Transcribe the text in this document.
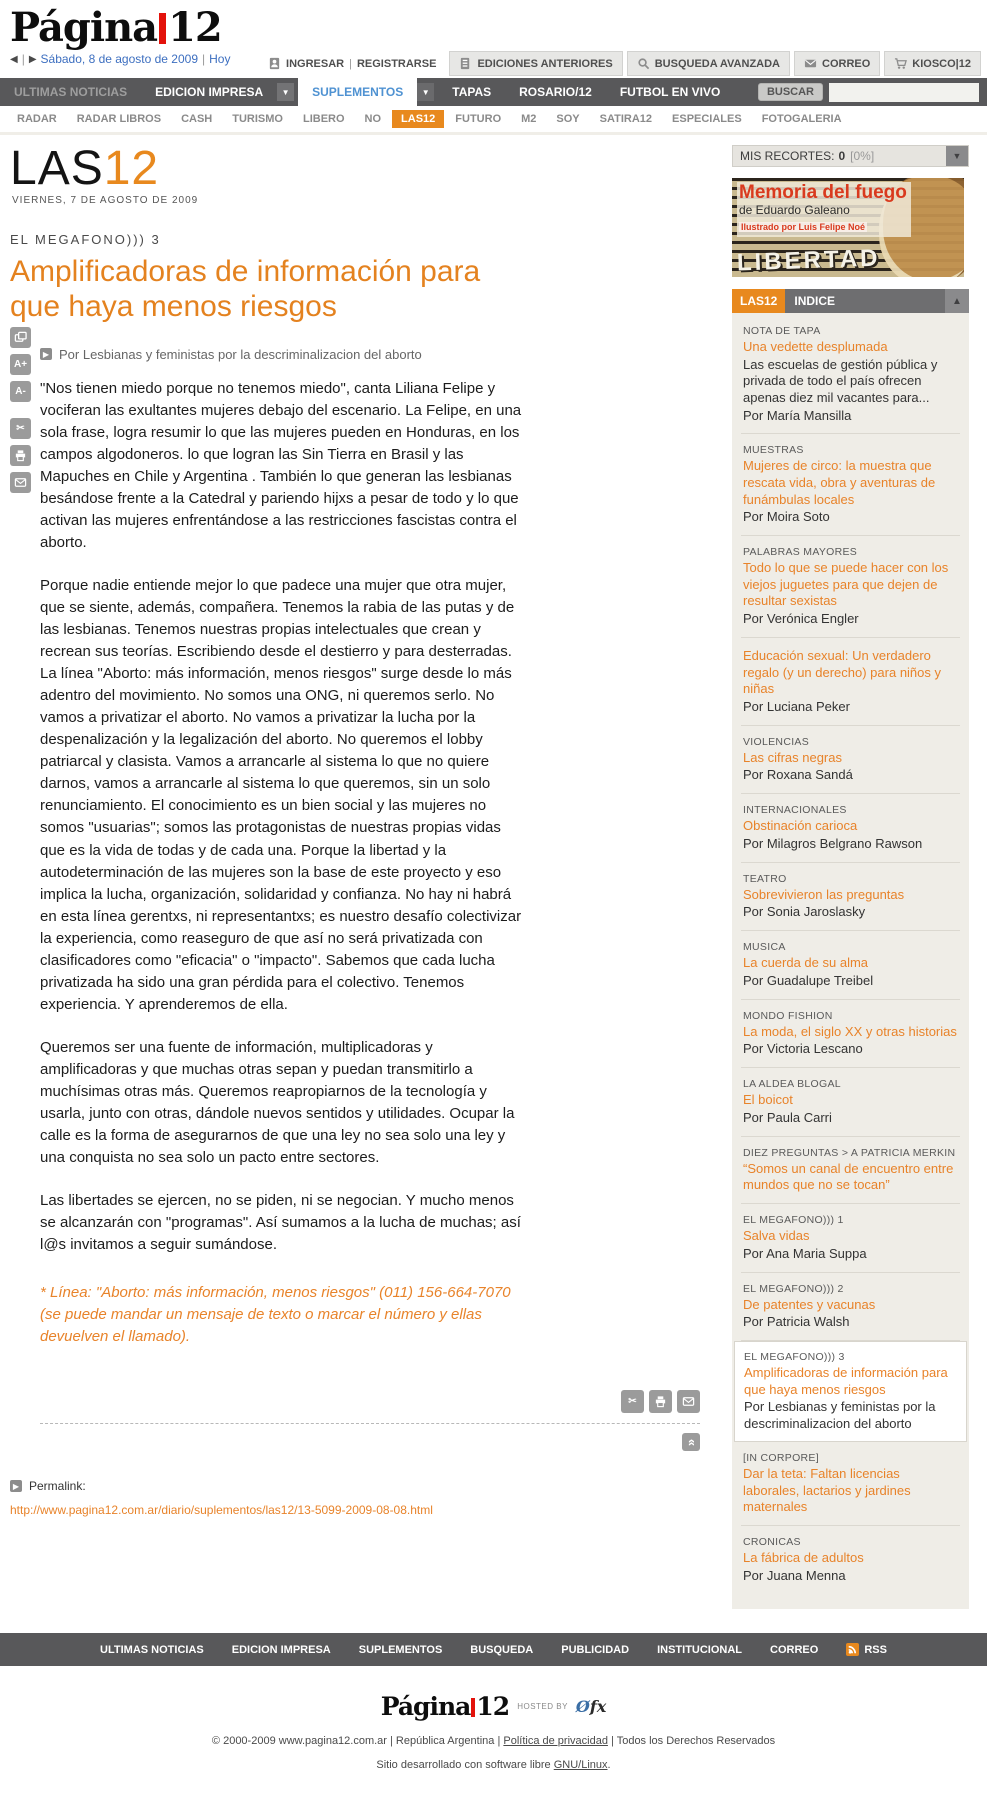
Página 12
◀ | ▶ Sábado, 8 de agosto de 2009 | Hoy	INGRESAR | REGISTRARSE	EDICIONES ANTERIORES	BUSQUEDA AVANZADA	CORREO	KIOSCO|12
ULTIMAS NOTICIAS	EDICION IMPRESA	▼	SUPLEMENTOS	▼	TAPAS	ROSARIO/12	FUTBOL EN VIVO	BUSCAR
RADAR	RADAR LIBROS	CASH	TURISMO	LIBERO	NO	LAS12	FUTURO	M2	SOY	SATIRA12	ESPECIALES	FOTOGALERIA
LAS12
VIERNES, 7 DE AGOSTO DE 2009
EL MEGAFONO))) 3
Amplificadoras de información para que haya menos riesgos
▶ Por Lesbianas y feministas por la descriminalizacion del aborto
A+
A-
✂

"Nos tienen miedo porque no tenemos miedo", canta Liliana Felipe y vociferan las exultantes mujeres debajo del escenario. La Felipe, en una sola frase, logra resumir lo que las mujeres pueden en Honduras, en los campos algodoneros. lo que logran las Sin Tierra en Brasil y las Mapuches en Chile y Argentina . También lo que generan las lesbianas besándose frente a la Catedral y pariendo hijxs a pesar de todo y lo que activan las mujeres enfrentándose a las restricciones fascistas contra el aborto.

Porque nadie entiende mejor lo que padece una mujer que otra mujer, que se siente, además, compañera. Tenemos la rabia de las putas y de las lesbianas. Tenemos nuestras propias intelectuales que crean y recrean sus teorías. Escribiendo desde el destierro y para desterradas. La línea "Aborto: más información, menos riesgos" surge desde lo más adentro del movimiento. No somos una ONG, ni queremos serlo. No vamos a privatizar el aborto. No vamos a privatizar la lucha por la despenalización y la legalización del aborto. No queremos el lobby patriarcal y clasista. Vamos a arrancarle al sistema lo que no quiere darnos, vamos a arrancarle al sistema lo que queremos, sin un solo renunciamiento. El conocimiento es un bien social y las mujeres no somos "usuarias"; somos las protagonistas de nuestras propias vidas que es la vida de todas y de cada una. Porque la libertad y la autodeterminación de las mujeres son la base de este proyecto y eso implica la lucha, organización, solidaridad y confianza. No hay ni habrá en esta línea gerentxs, ni representantxs; es nuestro desafío colectivizar la experiencia, como reaseguro de que así no será privatizada con clasificadores como "eficacia" o "impacto". Sabemos que cada lucha privatizada ha sido una gran pérdida para el colectivo. Tenemos experiencia. Y aprenderemos de ella.

Queremos ser una fuente de información, multiplicadoras y amplificadoras y que muchas otras sepan y puedan transmitirlo a muchísimas otras más. Queremos reapropiarnos de la tecnología y usarla, junto con otras, dándole nuevos sentidos y utilidades. Ocupar la calle es la forma de asegurarnos de que una ley no sea solo una ley y una conquista no sea solo un pacto entre sectores.

Las libertades se ejercen, no se piden, ni se negocian. Y mucho menos se alcanzarán con "programas". Así sumamos a la lucha de muchas; así l@s invitamos a seguir sumándose.

* Línea: "Aborto: más información, menos riesgos" (011) 156-664-7070 (se puede mandar un mensaje de texto o marcar el número y ellas devuelven el llamado).

✂
»
▶ Permalink:
http://www.pagina12.com.ar/diario/suplementos/las12/13-5099-2009-08-08.html
MIS RECORTES: 0 [0%]	▼
Memoria del fuego
de Eduardo Galeano
Ilustrado por Luis Felipe Noé
LIBERTAD
LAS12	INDICE	▲
NOTA DE TAPA
Una vedette desplumada
Las escuelas de gestión pública y privada de todo el país ofrecen apenas diez mil vacantes para...
Por María Mansilla
MUESTRAS
Mujeres de circo: la muestra que rescata vida, obra y aventuras de funámbulas locales
Por Moira Soto
PALABRAS MAYORES
Todo lo que se puede hacer con los viejos juguetes para que dejen de resultar sexistas
Por Verónica Engler
Educación sexual: Un verdadero regalo (y un derecho) para niños y niñas
Por Luciana Peker
VIOLENCIAS
Las cifras negras
Por Roxana Sandá
INTERNACIONALES
Obstinación carioca
Por Milagros Belgrano Rawson
TEATRO
Sobrevivieron las preguntas
Por Sonia Jaroslasky
MUSICA
La cuerda de su alma
Por Guadalupe Treibel
MONDO FISHION
La moda, el siglo XX y otras historias
Por Victoria Lescano
LA ALDEA BLOGAL
El boicot
Por Paula Carri
DIEZ PREGUNTAS > A PATRICIA MERKIN
“Somos un canal de encuentro entre mundos que no se tocan”
EL MEGAFONO))) 1
Salva vidas
Por Ana Maria Suppa
EL MEGAFONO))) 2
De patentes y vacunas
Por Patricia Walsh
EL MEGAFONO))) 3
Amplificadoras de información para que haya menos riesgos
Por Lesbianas y feministas por la descriminalizacion del aborto
[IN CORPORE]
Dar la teta: Faltan licencias laborales, lactarios y jardines maternales
CRONICAS
La fábrica de adultos
Por Juana Menna
ULTIMAS NOTICIAS	EDICION IMPRESA	SUPLEMENTOS	BUSQUEDA	PUBLICIDAD	INSTITUCIONAL	CORREO	RSS
Página 12 HOSTED BY Øfx
© 2000-2009 www.pagina12.com.ar | República Argentina | Política de privacidad | Todos los Derechos Reservados
Sitio desarrollado con software libre GNU/Linux.
